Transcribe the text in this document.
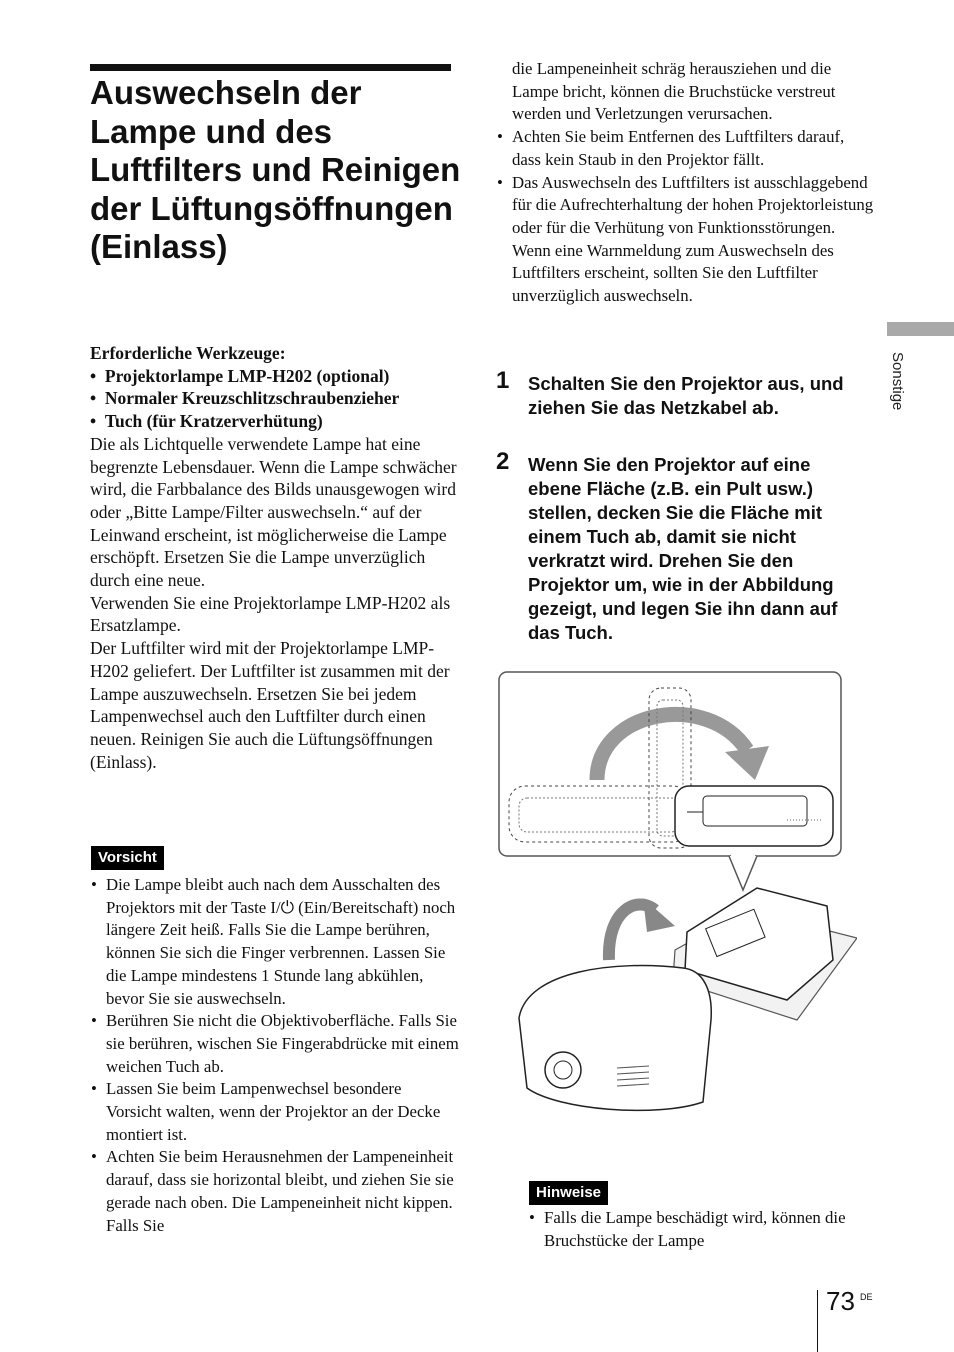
Auswechseln der Lampe und des Luftfilters und Reinigen der Lüftungsöffnungen (Einlass)

Erforderliche Werkzeuge:

•  Projektorlampe LMP-H202 (optional)
•  Normaler Kreuzschlitzschraubenzieher
•  Tuch (für Kratzerverhütung)

Die als Lichtquelle verwendete Lampe hat eine begrenzte Lebensdauer. Wenn die Lampe schwächer wird, die Farbbalance des Bilds unausgewogen wird oder „Bitte Lampe/Filter auswechseln.“ auf der Leinwand erscheint, ist möglicherweise die Lampe erschöpft. Ersetzen Sie die Lampe unverzüglich durch eine neue.

Verwenden Sie eine Projektorlampe LMP-H202 als Ersatzlampe.

Der Luftfilter wird mit der Projektorlampe LMP-H202 geliefert. Der Luftfilter ist zusammen mit der Lampe auszuwechseln. Ersetzen Sie bei jedem Lampenwechsel auch den Luftfilter durch einen neuen. Reinigen Sie auch die Lüftungsöffnungen (Einlass).

Vorsicht
• Die Lampe bleibt auch nach dem Ausschalten des Projektors mit der Taste I/⏻ (Ein/Bereitschaft) noch längere Zeit heiß. Falls Sie die Lampe berühren, können Sie sich die Finger verbrennen. Lassen Sie die Lampe mindestens 1 Stunde lang abkühlen, bevor Sie sie auswechseln.
• Berühren Sie nicht die Objektivoberfläche. Falls Sie sie berühren, wischen Sie Fingerabdrücke mit einem weichen Tuch ab.
• Lassen Sie beim Lampenwechsel besondere Vorsicht walten, wenn der Projektor an der Decke montiert ist.
• Achten Sie beim Herausnehmen der Lampeneinheit darauf, dass sie horizontal bleibt, und ziehen Sie sie gerade nach oben. Die Lampeneinheit nicht kippen. Falls Sie

die Lampeneinheit schräg herausziehen und die Lampe bricht, können die Bruchstücke verstreut werden und Verletzungen verursachen.

• Achten Sie beim Entfernen des Luftfilters darauf, dass kein Staub in den Projektor fällt.
• Das Auswechseln des Luftfilters ist ausschlaggebend für die Aufrechterhaltung der hohen Projektorleistung oder für die Verhütung von Funktionsstörungen. Wenn eine Warnmeldung zum Auswechseln des Luftfilters erscheint, sollten Sie den Luftfilter unverzüglich auswechseln.
1 Schalten Sie den Projektor aus, und ziehen Sie das Netzkabel ab.
2 Wenn Sie den Projektor auf eine ebene Fläche (z.B. ein Pult usw.) stellen, decken Sie die Fläche mit einem Tuch ab, damit sie nicht verkratzt wird. Drehen Sie den Projektor um, wie in der Abbildung gezeigt, und legen Sie ihn dann auf das Tuch.
Hinweise
• Falls die Lampe beschädigt wird, können die Bruchstücke der Lampe
Sonstige
73 DE
